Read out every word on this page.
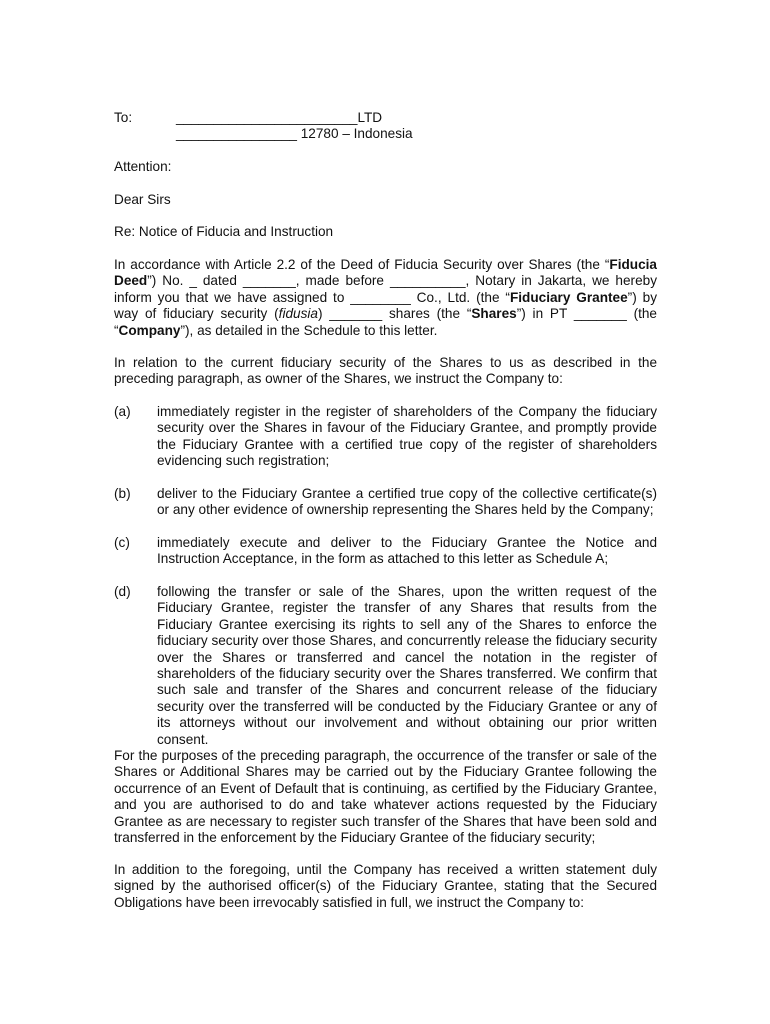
To:	________________________LTD
________________ 12780 – Indonesia
Attention:
Dear Sirs
Re: Notice of Fiducia and Instruction
In accordance with Article 2.2 of the Deed of Fiducia Security over Shares (the “Fiducia Deed”) No. _ dated _______, made before __________, Notary in Jakarta, we hereby inform you that we have assigned to ________ Co., Ltd. (the “Fiduciary Grantee”) by way of fiduciary security (fidusia) _______ shares (the “Shares”) in PT _______ (the “Company”), as detailed in the Schedule to this letter.
In relation to the current fiduciary security of the Shares to us as described in the preceding paragraph, as owner of the Shares, we instruct the Company to:
(a) immediately register in the register of shareholders of the Company the fiduciary security over the Shares in favour of the Fiduciary Grantee, and promptly provide the Fiduciary Grantee with a certified true copy of the register of shareholders evidencing such registration;
(b) deliver to the Fiduciary Grantee a certified true copy of the collective certificate(s) or any other evidence of ownership representing the Shares held by the Company;
(c) immediately execute and deliver to the Fiduciary Grantee the Notice and Instruction Acceptance, in the form as attached to this letter as Schedule A;
(d) following the transfer or sale of the Shares, upon the written request of the Fiduciary Grantee, register the transfer of any Shares that results from the Fiduciary Grantee exercising its rights to sell any of the Shares to enforce the fiduciary security over those Shares, and concurrently release the fiduciary security over the Shares or transferred and cancel the notation in the register of shareholders of the fiduciary security over the Shares transferred. We confirm that such sale and transfer of the Shares and concurrent release of the fiduciary security over the transferred will be conducted by the Fiduciary Grantee or any of its attorneys without our involvement and without obtaining our prior written consent.
For the purposes of the preceding paragraph, the occurrence of the transfer or sale of the Shares or Additional Shares may be carried out by the Fiduciary Grantee following the occurrence of an Event of Default that is continuing, as certified by the Fiduciary Grantee, and you are authorised to do and take whatever actions requested by the Fiduciary Grantee as are necessary to register such transfer of the Shares that have been sold and transferred in the enforcement by the Fiduciary Grantee of the fiduciary security;
In addition to the foregoing, until the Company has received a written statement duly signed by the authorised officer(s) of the Fiduciary Grantee, stating that the Secured Obligations have been irrevocably satisfied in full, we instruct the Company to:
